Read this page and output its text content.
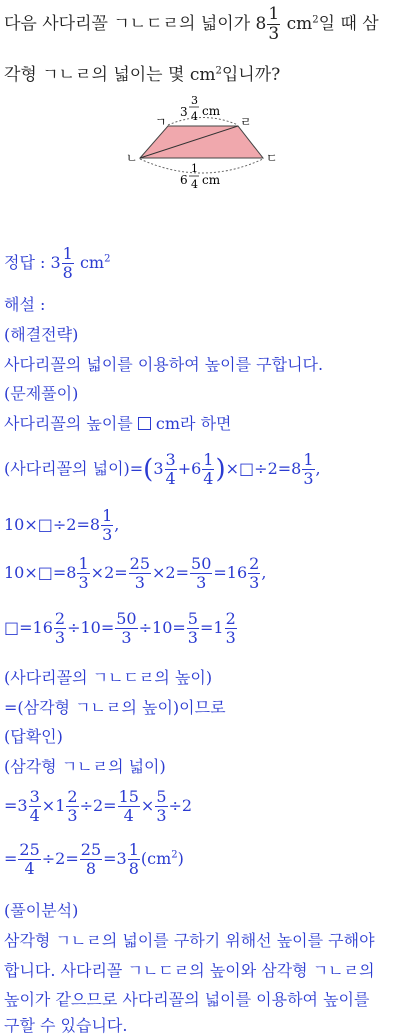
다음 사다리꼴 ㄱㄴㄷㄹ의 넓이가 $8 \frac{1}{3} cm^2$일 때 삼
각형 ㄱㄴㄹ의 넓이는 몇 $cm^2$입니까?
ㄱ	ㄹ
ㄴ	ㄷ
3
3
4 cm
6
1
4 cm
정답 : $3 \frac{1}{8} cm^2$
해설 :
(해결전략)
사다리꼴의 넓이를 이용하여 높이를 구합니다.
(문제풀이)
사다리꼴의 높이를  cm라 하면
(사다리꼴의 넓이)$=(3 \frac{3}{4} +6 \frac{1}{4}$ )×□÷2=8 $\frac{1}{3}$ ,
10×□÷2=8 $\frac{1}{3}$ ,
10×□=8 $\frac{1}{3} \times 2= \frac{25}{3} \times 2= \frac{50}{3} =16 \frac{2}{3}$ ,
□=16 $\frac{2}{3} \div 10= \frac{50}{3} \div 10= \frac{5}{3} =1 \frac{2}{3}$
(사다리꼴의 ㄱㄴㄷㄹ의 높이)
=(삼각형 ㄱㄴㄹ의 높이)이므로
(답확인)
(삼각형 ㄱㄴㄹ의 넓이)
$=3 \frac{3}{4} \times 1 \frac{2}{3} \div 2= \frac{15}{4} \times \frac{5}{3} \div 2$
= $\frac{25}{4} \div 2= \frac{25}{8} =3 \frac{1}{8} (cm^2)$
(풀이분석)
삼각형 ㄱㄴㄹ의 넓이를 구하기 위해선 높이를 구해야
합니다. 사다리꼴 ㄱㄴㄷㄹ의 높이와 삼각형 ㄱㄴㄹ의
높이가 같으므로 사다리꼴의 넓이를 이용하여 높이를
구할 수 있습니다.
